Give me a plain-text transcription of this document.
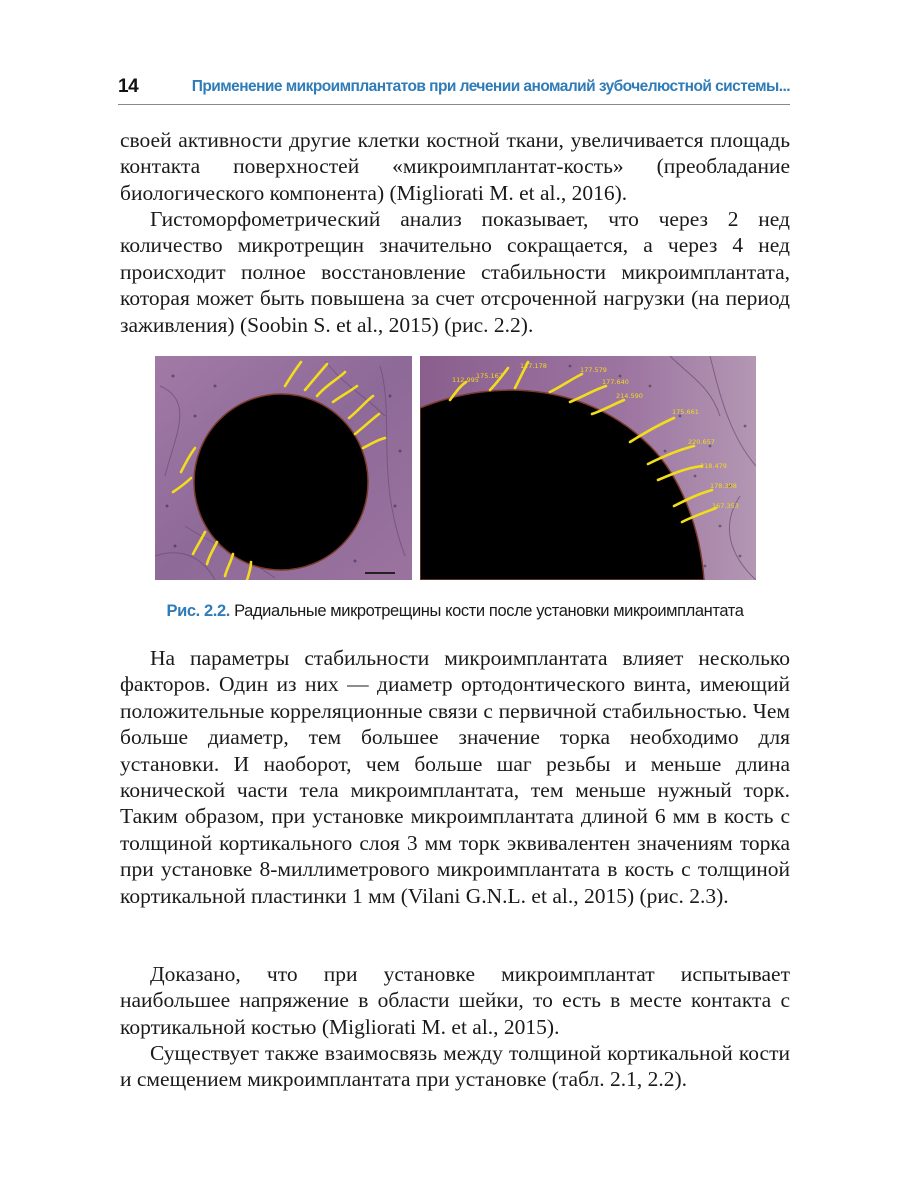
14	Применение микроимплантатов при лечении аномалий зубочелюстной системы...

своей активности другие клетки костной ткани, увеличивается площадь контакта поверхностей «микроимплантат-кость» (преобладание биологического компонента) (Migliorati M. et al., 2016).

Гистоморфометрический анализ показывает, что через 2 нед количество микротрещин значительно сокращается, а через 4 нед происходит полное восстановление стабильности микроимплантата, которая может быть повышена за счет отсроченной нагрузки (на период заживления) (Soobin S. et al., 2015) (рис. 2.2).

112.995
175.167
127.178	177.579
177.640
214.590
175.661
220.657
218.479
178.398
167.353
Рис. 2.2. Радиальные микротрещины кости после установки микроимплантата

На параметры стабильности микроимплантата влияет несколько факторов. Один из них — диаметр ортодонтического винта, имеющий положительные корреляционные связи с первичной стабильностью. Чем больше диаметр, тем большее значение торка необходимо для установки. И наоборот, чем больше шаг резьбы и меньше длина конической части тела микроимплантата, тем меньше нужный торк. Таким образом, при установке микроимплантата длиной 6 мм в кость с толщиной кортикального слоя 3 мм торк эквивалентен значениям торка при установке 8-миллиметрового микроимплантата в кость с толщиной кортикальной пластинки 1 мм (Vilani G.N.L. et al., 2015) (рис. 2.3).

Доказано, что при установке микроимплантат испытывает наибольшее напряжение в области шейки, то есть в месте контакта с кортикальной костью (Migliorati M. et al., 2015).

Существует также взаимосвязь между толщиной кортикальной кости и смещением микроимплантата при установке (табл. 2.1, 2.2).
